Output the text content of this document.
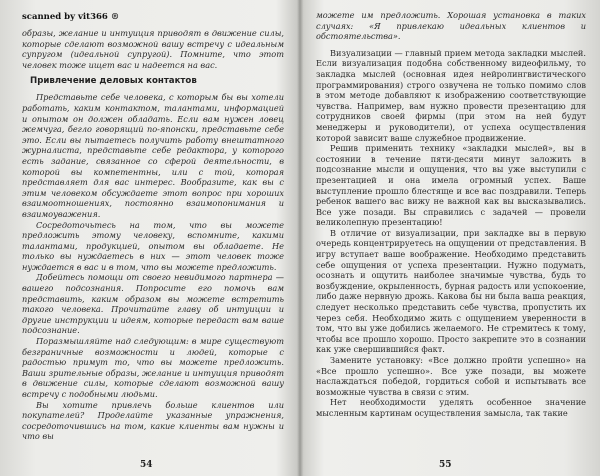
scanned by vit366 ®

образы, желание и интуиция приводят в движение силы, которые сделают возможной вашу встречу с идеальным супругом (идеальной супругой). Помните, что этот человек тоже ищет вас и надеется на вас.

Привлечение деловых контактов

Представьте себе человека, с которым бы вы хотели работать, каким контактом, талантами, информацией и опытом он должен обладать. Если вам нужен ловец жемчуга, бегло говорящий по-японски, представьте себе это. Если вы пытаетесь получить работу внештатного журналиста, представьте себе редактора, у которого есть задание, связанное со сферой деятельности, в которой вы компетентны, или с той, которая представляет для вас интерес. Вообразите, как вы с этим человеком обсуждаете этот вопрос при хороших взаимоотношениях, постоянно взаимопонимания и взаимоуважения.

Сосредоточьтесь на том, что вы можете предложить этому человеку, вспомните, какими талантами, продукцией, опытом вы обладаете. Не только вы нуждаетесь в них — этот человек тоже нуждается в вас и в том, что вы можете предложить.

Добейтесь помощи от своего невидимого партнера — вашего подсознания. Попросите его помочь вам представить, каким образом вы можете встретить такого человека. Прочитайте главу об интуиции и другие инструкции и идеям, которые передаст вам ваше подсознание.

Поразмышляйте над следующим: в мире существуют безграничные возможности и людей, которые с радостью примут то, что вы можете предложить. Ваши зрительные образы, желание и интуиция приводят в движение силы, которые сделают возможной вашу встречу с подобными людьми.

Вы хотите привлечь больше клиентов или покупателей? Проделайте указанные упражнения, сосредоточившись на том, какие клиенты вам нужны и что вы

54

можете им предложить. Хорошая установка в таких случаях: «Я привлекаю идеальных клиентов и обстоятельства».

Визуализации — главный прием метода закладки мыслей. Если визуализация подобна собственному видеофильму, то закладка мыслей (основная идея нейролингвистического программирования) строго озвучена не только помимо слов в этом методе добавляют к изображению соответствующие чувства. Например, вам нужно провести презентацию для сотрудников своей фирмы (при этом на ней будут менеджеры и руководители), от успеха осуществления которой зависит ваше служебное продвижение.

Решив применить технику «закладки мыслей», вы в состоянии в течение пяти-десяти минут заложить в подсознание мысли и ощущения, что вы уже выступили с презентацией и она имела огромный успех. Ваше выступление прошло блестяще и все вас поздравили. Теперь ребенок вашего вас вижу не важной как вы высказывались. Все уже позади. Вы справились с задачей — провели великолепную презентацию!

В отличие от визуализации, при закладке вы в первую очередь концентрируетесь на ощущении от представления. В игру вступает ваше воображение. Необходимо представить себе ощущения от успеха презентации. Нужно подумать, осознать и ощутить наиболее значимые чувства, будь то возбуждение, окрыленность, бурная радость или успокоение, либо даже нервную дрожь. Какова бы ни была ваша реакция, следует несколько представить себе чувства, пропустить их через себя. Необходимо жить с ощущением уверенности в том, что вы уже добились желаемого. Не стремитесь к тому, чтобы все прошло хорошо. Просто закрепите это в сознании как уже свершившийся факт.

Замените установку: «Все должно пройти успешно» на «Все прошло успешно». Все уже позади, вы можете наслаждаться победой, гордиться собой и испытывать все возможные чувства в связи с этим.

Нет необходимости уделять особенное значение мысленным картинам осуществления замысла, так такие

55
